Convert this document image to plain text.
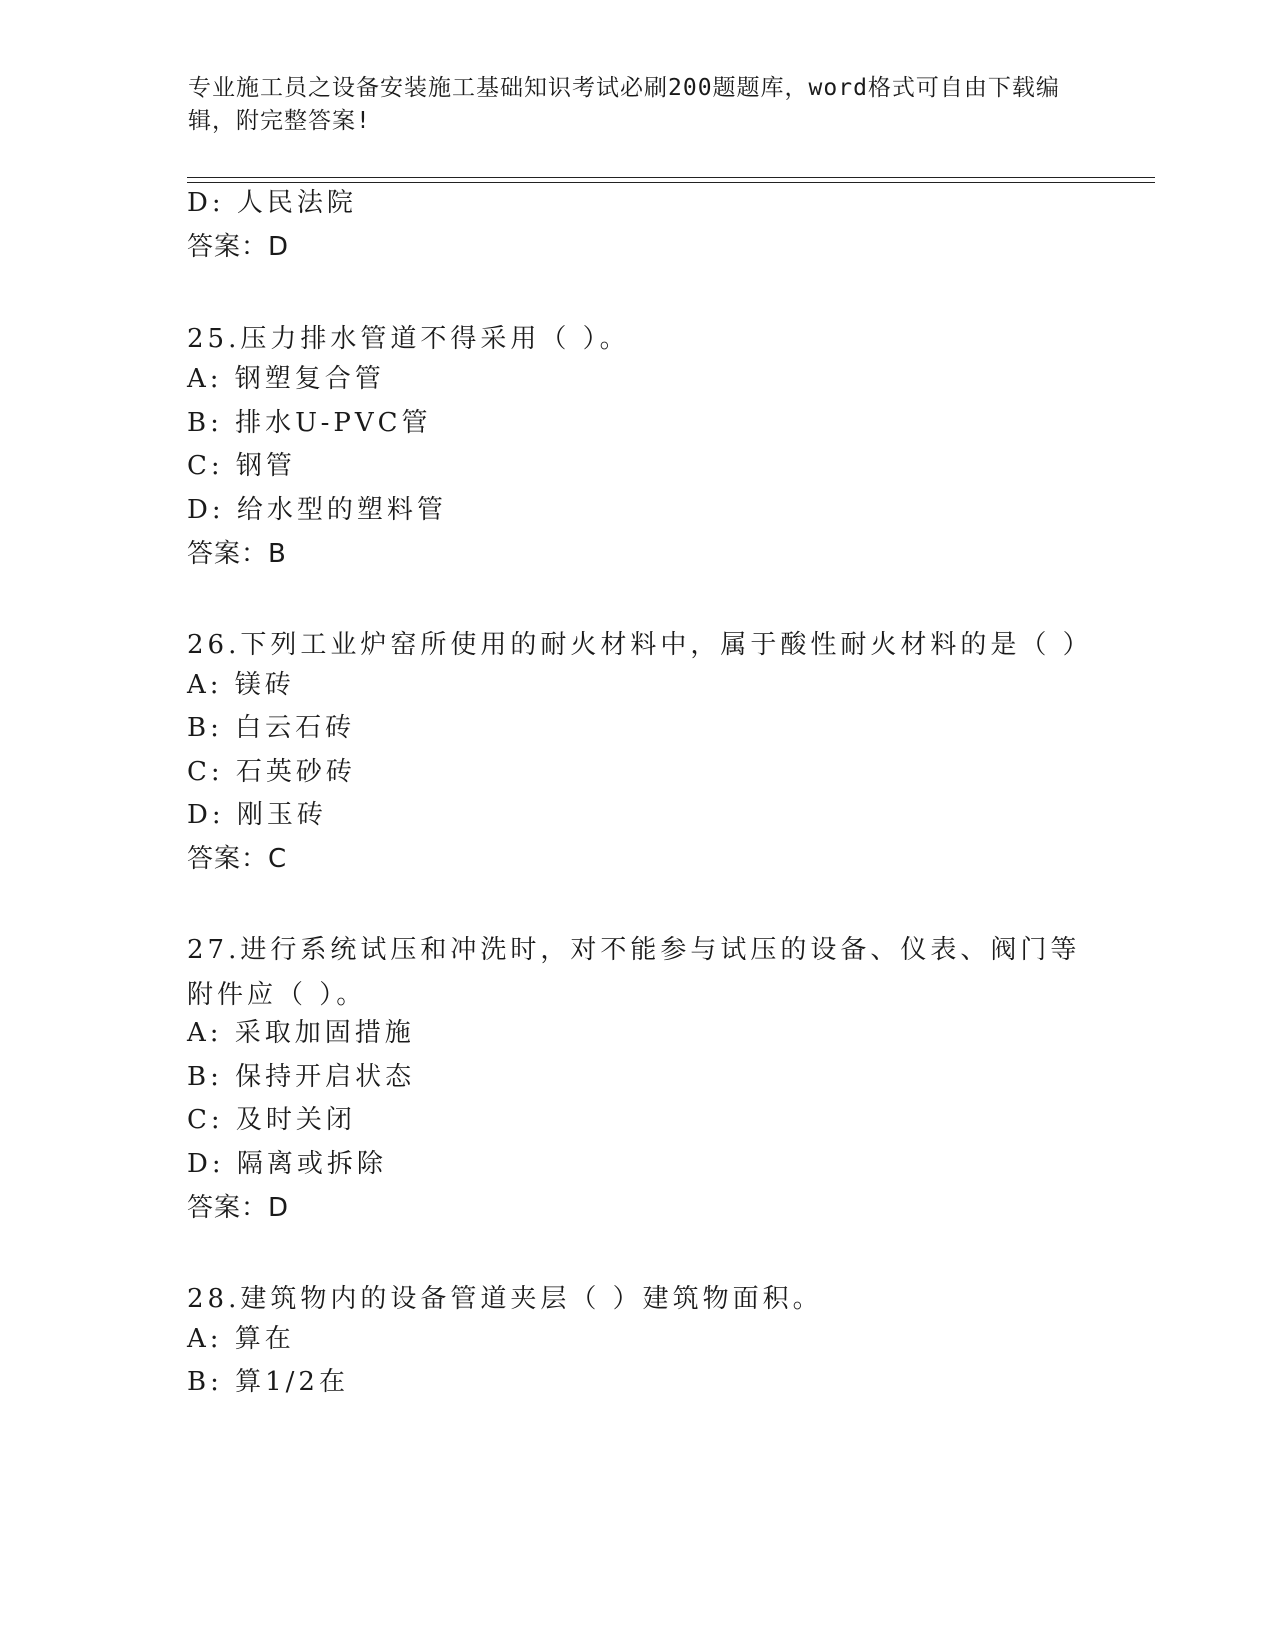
专业施工员之设备安装施工基础知识考试必刷200题题库，word格式可自由下载编辑，附完整答案!
D: 人民法院
答案：D
25.压力排水管道不得采用（ ）。
A: 钢塑复合管
B: 排水U-PVC管
C: 钢管
D: 给水型的塑料管
答案：B
26.下列工业炉窑所使用的耐火材料中，属于酸性耐火材料的是（ ）
A: 镁砖
B: 白云石砖
C: 石英砂砖
D: 刚玉砖
答案：C
27.进行系统试压和冲洗时，对不能参与试压的设备、仪表、阀门等附件应（ ）。
A: 采取加固措施
B: 保持开启状态
C: 及时关闭
D: 隔离或拆除
答案：D
28.建筑物内的设备管道夹层（ ）建筑物面积。
A: 算在
B: 算1/2在
